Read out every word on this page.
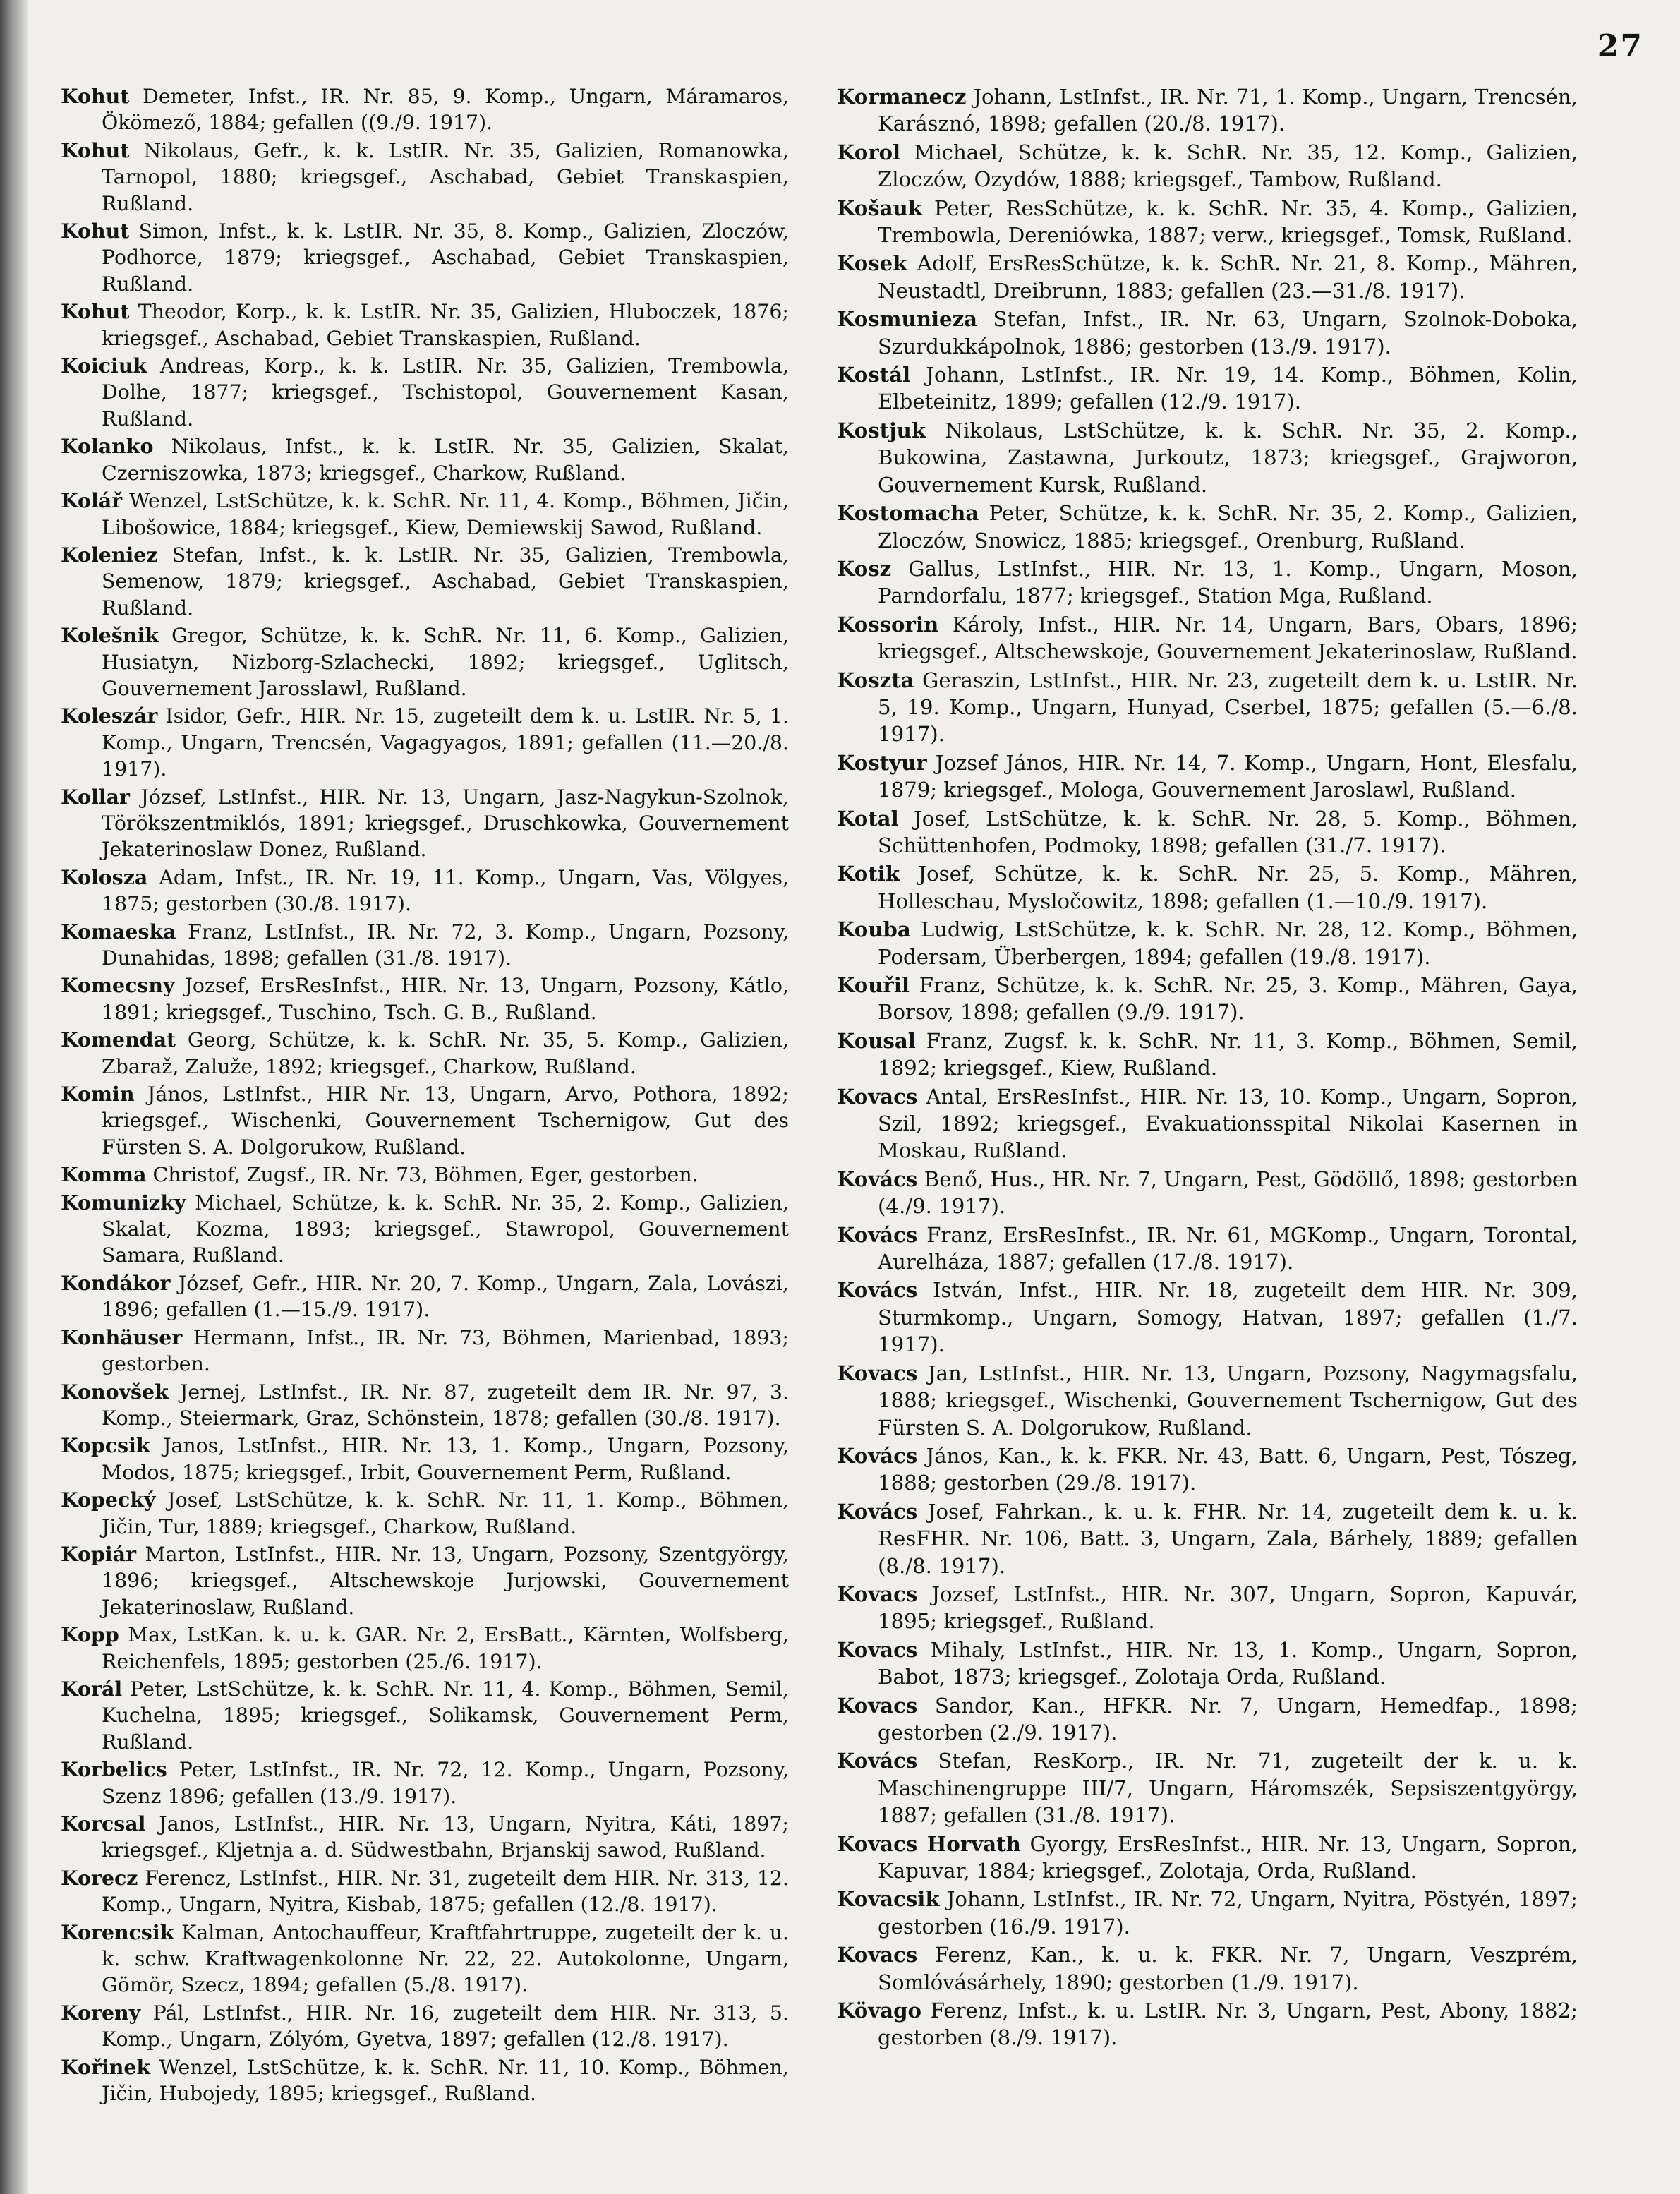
27

Kohut Demeter, Infst., IR. Nr. 85, 9. Komp., Ungarn, Máramaros, Ökömező, 1884; gefallen ((9./9. 1917).

Kohut Nikolaus, Gefr., k. k. LstIR. Nr. 35, Galizien, Romanowka, Tarnopol, 1880; kriegsgef., Aschabad, Gebiet Transkaspien, Rußland.

Kohut Simon, Infst., k. k. LstIR. Nr. 35, 8. Komp., Galizien, Zloczów, Podhorce, 1879; kriegsgef., Aschabad, Gebiet Transkaspien, Rußland.

Kohut Theodor, Korp., k. k. LstIR. Nr. 35, Galizien, Hluboczek, 1876; kriegsgef., Aschabad, Gebiet Transkaspien, Rußland.

Koiciuk Andreas, Korp., k. k. LstIR. Nr. 35, Galizien, Trembowla, Dolhe, 1877; kriegsgef., Tschistopol, Gouvernement Kasan, Rußland.

Kolanko Nikolaus, Infst., k. k. LstIR. Nr. 35, Galizien, Skalat, Czerniszowka, 1873; kriegsgef., Charkow, Rußland.

Kolář Wenzel, LstSchütze, k. k. SchR. Nr. 11, 4. Komp., Böhmen, Jičin, Libošowice, 1884; kriegsgef., Kiew, Demiewskij Sawod, Rußland.

Koleniez Stefan, Infst., k. k. LstIR. Nr. 35, Galizien, Trembowla, Semenow, 1879; kriegsgef., Aschabad, Gebiet Transkaspien, Rußland.

Kolešnik Gregor, Schütze, k. k. SchR. Nr. 11, 6. Komp., Galizien, Husiatyn, Nizborg-Szlachecki, 1892; kriegsgef., Uglitsch, Gouvernement Jarosslawl, Rußland.

Koleszár Isidor, Gefr., HIR. Nr. 15, zugeteilt dem k. u. LstIR. Nr. 5, 1. Komp., Ungarn, Trencsén, Vagagyagos, 1891; gefallen (11.—20./8. 1917).

Kollar József, LstInfst., HIR. Nr. 13, Ungarn, Jasz-Nagykun-Szolnok, Törökszentmiklós, 1891; kriegsgef., Druschkowka, Gouvernement Jekaterinoslaw Donez, Rußland.

Kolosza Adam, Infst., IR. Nr. 19, 11. Komp., Ungarn, Vas, Völgyes, 1875; gestorben (30./8. 1917).

Komaeska Franz, LstInfst., IR. Nr. 72, 3. Komp., Ungarn, Pozsony, Dunahidas, 1898; gefallen (31./8. 1917).

Komecsny Jozsef, ErsResInfst., HIR. Nr. 13, Ungarn, Pozsony, Kátlo, 1891; kriegsgef., Tuschino, Tsch. G. B., Rußland.

Komendat Georg, Schütze, k. k. SchR. Nr. 35, 5. Komp., Galizien, Zbaraž, Zaluže, 1892; kriegsgef., Charkow, Rußland.

Komin János, LstInfst., HIR Nr. 13, Ungarn, Arvo, Pothora, 1892; kriegsgef., Wischenki, Gouvernement Tschernigow, Gut des Fürsten S. A. Dolgorukow, Rußland.

Komma Christof, Zugsf., IR. Nr. 73, Böhmen, Eger, gestorben.

Komunizky Michael, Schütze, k. k. SchR. Nr. 35, 2. Komp., Galizien, Skalat, Kozma, 1893; kriegsgef., Stawropol, Gouvernement Samara, Rußland.

Kondákor József, Gefr., HIR. Nr. 20, 7. Komp., Ungarn, Zala, Lovászi, 1896; gefallen (1.—15./9. 1917).

Konhäuser Hermann, Infst., IR. Nr. 73, Böhmen, Marienbad, 1893; gestorben.

Konovšek Jernej, LstInfst., IR. Nr. 87, zugeteilt dem IR. Nr. 97, 3. Komp., Steiermark, Graz, Schönstein, 1878; gefallen (30./8. 1917).

Kopcsik Janos, LstInfst., HIR. Nr. 13, 1. Komp., Ungarn, Pozsony, Modos, 1875; kriegsgef., Irbit, Gouvernement Perm, Rußland.

Kopecký Josef, LstSchütze, k. k. SchR. Nr. 11, 1. Komp., Böhmen, Jičin, Tur, 1889; kriegsgef., Charkow, Rußland.

Kopiár Marton, LstInfst., HIR. Nr. 13, Ungarn, Pozsony, Szentgyörgy, 1896; kriegsgef., Altschewskoje Jurjowski, Gouvernement Jekaterinoslaw, Rußland.

Kopp Max, LstKan. k. u. k. GAR. Nr. 2, ErsBatt., Kärnten, Wolfsberg, Reichenfels, 1895; gestorben (25./6. 1917).

Korál Peter, LstSchütze, k. k. SchR. Nr. 11, 4. Komp., Böhmen, Semil, Kuchelna, 1895; kriegsgef., Solikamsk, Gouvernement Perm, Rußland.

Korbelics Peter, LstInfst., IR. Nr. 72, 12. Komp., Ungarn, Pozsony, Szenz 1896; gefallen (13./9. 1917).

Korcsal Janos, LstInfst., HIR. Nr. 13, Ungarn, Nyitra, Káti, 1897; kriegsgef., Kljetnja a. d. Südwestbahn, Brjanskij sawod, Rußland.

Korecz Ferencz, LstInfst., HIR. Nr. 31, zugeteilt dem HIR. Nr. 313, 12. Komp., Ungarn, Nyitra, Kisbab, 1875; gefallen (12./8. 1917).

Korencsik Kalman, Antochauffeur, Kraftfahrtruppe, zugeteilt der k. u. k. schw. Kraftwagenkolonne Nr. 22, 22. Autokolonne, Ungarn, Gömör, Szecz, 1894; gefallen (5./8. 1917).

Koreny Pál, LstInfst., HIR. Nr. 16, zugeteilt dem HIR. Nr. 313, 5. Komp., Ungarn, Zólyóm, Gyetva, 1897; gefallen (12./8. 1917).

Kořinek Wenzel, LstSchütze, k. k. SchR. Nr. 11, 10. Komp., Böhmen, Jičin, Hubojedy, 1895; kriegsgef., Rußland.

Kormanecz Johann, LstInfst., IR. Nr. 71, 1. Komp., Ungarn, Trencsén, Karásznó, 1898; gefallen (20./8. 1917).

Korol Michael, Schütze, k. k. SchR. Nr. 35, 12. Komp., Galizien, Zloczów, Ozydów, 1888; kriegsgef., Tambow, Rußland.

Košauk Peter, ResSchütze, k. k. SchR. Nr. 35, 4. Komp., Galizien, Trembowla, Dereniówka, 1887; verw., kriegsgef., Tomsk, Rußland.

Kosek Adolf, ErsResSchütze, k. k. SchR. Nr. 21, 8. Komp., Mähren, Neustadtl, Dreibrunn, 1883; gefallen (23.—31./8. 1917).

Kosmunieza Stefan, Infst., IR. Nr. 63, Ungarn, Szolnok-Doboka, Szurdukkápolnok, 1886; gestorben (13./9. 1917).

Kostál Johann, LstInfst., IR. Nr. 19, 14. Komp., Böhmen, Kolin, Elbeteinitz, 1899; gefallen (12./9. 1917).

Kostjuk Nikolaus, LstSchütze, k. k. SchR. Nr. 35, 2. Komp., Bukowina, Zastawna, Jurkoutz, 1873; kriegsgef., Grajworon, Gouvernement Kursk, Rußland.

Kostomacha Peter, Schütze, k. k. SchR. Nr. 35, 2. Komp., Galizien, Zloczów, Snowicz, 1885; kriegsgef., Orenburg, Rußland.

Kosz Gallus, LstInfst., HIR. Nr. 13, 1. Komp., Ungarn, Moson, Parndorfalu, 1877; kriegsgef., Station Mga, Rußland.

Kossorin Károly, Infst., HIR. Nr. 14, Ungarn, Bars, Obars, 1896; kriegsgef., Altschewskoje, Gouvernement Jekaterinoslaw, Rußland.

Koszta Geraszin, LstInfst., HIR. Nr. 23, zugeteilt dem k. u. LstIR. Nr. 5, 19. Komp., Ungarn, Hunyad, Cserbel, 1875; gefallen (5.—6./8. 1917).

Kostyur Jozsef János, HIR. Nr. 14, 7. Komp., Ungarn, Hont, Elesfalu, 1879; kriegsgef., Mologa, Gouvernement Jaroslawl, Rußland.

Kotal Josef, LstSchütze, k. k. SchR. Nr. 28, 5. Komp., Böhmen, Schüttenhofen, Podmoky, 1898; gefallen (31./7. 1917).

Kotik Josef, Schütze, k. k. SchR. Nr. 25, 5. Komp., Mähren, Holleschau, Mysločowitz, 1898; gefallen (1.—10./9. 1917).

Kouba Ludwig, LstSchütze, k. k. SchR. Nr. 28, 12. Komp., Böhmen, Podersam, Überbergen, 1894; gefallen (19./8. 1917).

Kouřil Franz, Schütze, k. k. SchR. Nr. 25, 3. Komp., Mähren, Gaya, Borsov, 1898; gefallen (9./9. 1917).

Kousal Franz, Zugsf. k. k. SchR. Nr. 11, 3. Komp., Böhmen, Semil, 1892; kriegsgef., Kiew, Rußland.

Kovacs Antal, ErsResInfst., HIR. Nr. 13, 10. Komp., Ungarn, Sopron, Szil, 1892; kriegsgef., Evakuationsspital Nikolai Kasernen in Moskau, Rußland.

Kovács Benő, Hus., HR. Nr. 7, Ungarn, Pest, Gödöllő, 1898; gestorben (4./9. 1917).

Kovács Franz, ErsResInfst., IR. Nr. 61, MGKomp., Ungarn, Torontal, Aurelháza, 1887; gefallen (17./8. 1917).

Kovács István, Infst., HIR. Nr. 18, zugeteilt dem HIR. Nr. 309, Sturmkomp., Ungarn, Somogy, Hatvan, 1897; gefallen (1./7. 1917).

Kovacs Jan, LstInfst., HIR. Nr. 13, Ungarn, Pozsony, Nagymagsfalu, 1888; kriegsgef., Wischenki, Gouvernement Tschernigow, Gut des Fürsten S. A. Dolgorukow, Rußland.

Kovács János, Kan., k. k. FKR. Nr. 43, Batt. 6, Ungarn, Pest, Tószeg, 1888; gestorben (29./8. 1917).

Kovács Josef, Fahrkan., k. u. k. FHR. Nr. 14, zugeteilt dem k. u. k. ResFHR. Nr. 106, Batt. 3, Ungarn, Zala, Bárhely, 1889; gefallen (8./8. 1917).

Kovacs Jozsef, LstInfst., HIR. Nr. 307, Ungarn, Sopron, Kapuvár, 1895; kriegsgef., Rußland.

Kovacs Mihaly, LstInfst., HIR. Nr. 13, 1. Komp., Ungarn, Sopron, Babot, 1873; kriegsgef., Zolotaja Orda, Rußland.

Kovacs Sandor, Kan., HFKR. Nr. 7, Ungarn, Hemedfap., 1898; gestorben (2./9. 1917).

Kovács Stefan, ResKorp., IR. Nr. 71, zugeteilt der k. u. k. Maschinengruppe III/7, Ungarn, Háromszék, Sepsiszentgyörgy, 1887; gefallen (31./8. 1917).

Kovacs Horvath Gyorgy, ErsResInfst., HIR. Nr. 13, Ungarn, Sopron, Kapuvar, 1884; kriegsgef., Zolotaja, Orda, Rußland.

Kovacsik Johann, LstInfst., IR. Nr. 72, Ungarn, Nyitra, Pöstyén, 1897; gestorben (16./9. 1917).

Kovacs Ferenz, Kan., k. u. k. FKR. Nr. 7, Ungarn, Veszprém, Somlóvásárhely, 1890; gestorben (1./9. 1917).

Kövago Ferenz, Infst., k. u. LstIR. Nr. 3, Ungarn, Pest, Abony, 1882; gestorben (8./9. 1917).
